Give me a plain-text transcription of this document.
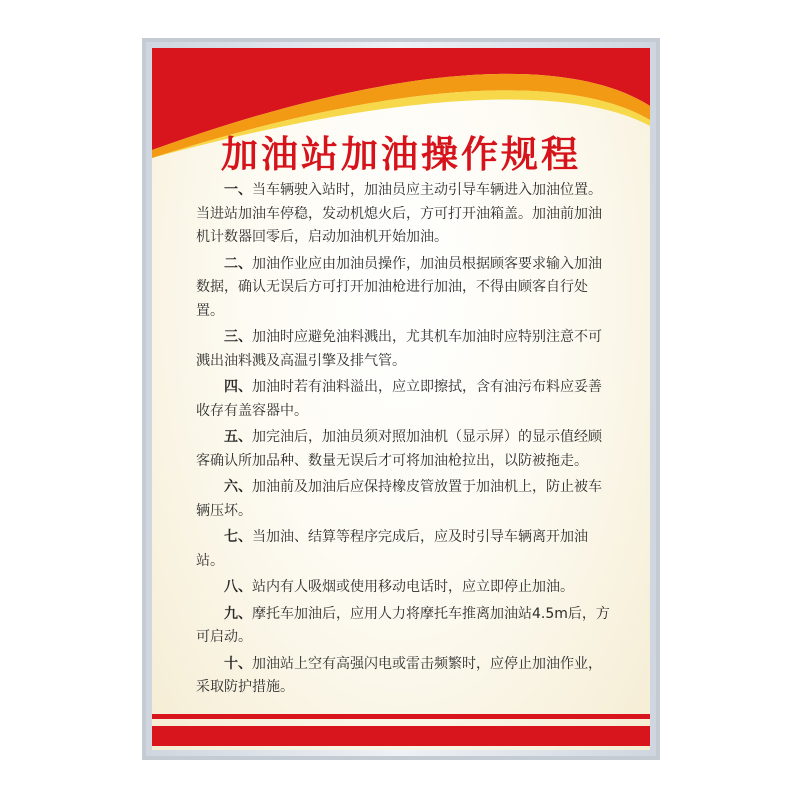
加油站加油操作规程

一、当车辆驶入站时，加油员应主动引导车辆进入加油位置。当进站加油车停稳，发动机熄火后，方可打开油箱盖。加油前加油机计数器回零后，启动加油机开始加油。

二、加油作业应由加油员操作，加油员根据顾客要求输入加油数据，确认无误后方可打开加油枪进行加油，不得由顾客自行处置。

三、加油时应避免油料溅出，尤其机车加油时应特别注意不可溅出油料溅及高温引擎及排气管。

四、加油时若有油料溢出，应立即擦拭，含有油污布料应妥善收存有盖容器中。

五、加完油后，加油员须对照加油机（显示屏）的显示值经顾客确认所加品种、数量无误后才可将加油枪拉出，以防被拖走。

六、加油前及加油后应保持橡皮管放置于加油机上，防止被车辆压坏。

七、当加油、结算等程序完成后，应及时引导车辆离开加油站。

八、站内有人吸烟或使用移动电话时，应立即停止加油。

九、摩托车加油后，应用人力将摩托车推离加油站4.5m后，方可启动。

十、加油站上空有高强闪电或雷击频繁时，应停止加油作业，采取防护措施。
